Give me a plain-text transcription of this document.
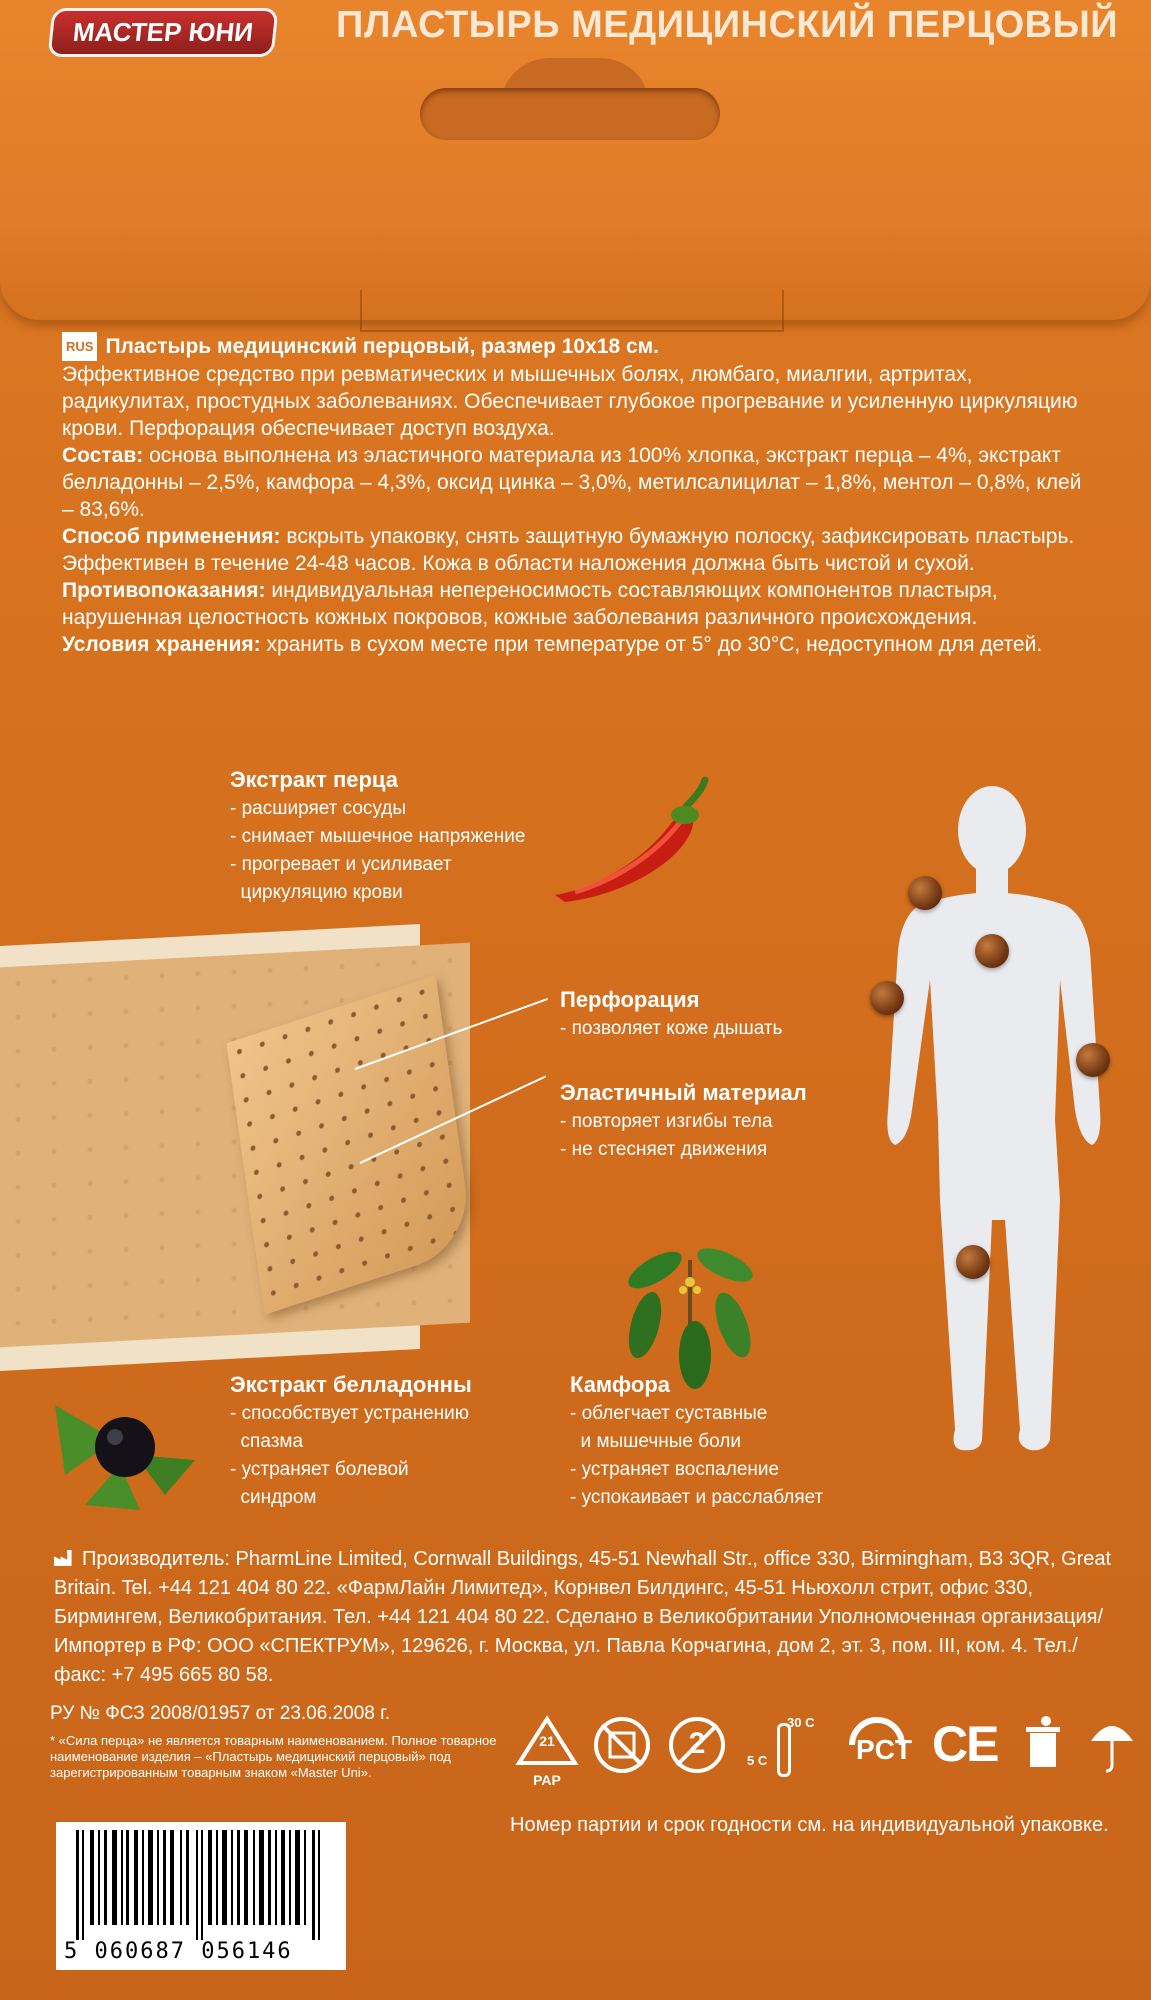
МАСТЕР ЮНИ	ПЛАСТЫРЬ МЕДИЦИНСКИЙ ПЕРЦОВЫЙ

RUS Пластырь медицинский перцовый, размер 10х18 см.

Эффективное средство при ревматических и мышечных болях, люмбаго, миалгии, артритах, радикулитах, простудных заболеваниях. Обеспечивает глубокое прогревание и усиленную циркуляцию крови. Перфорация обеспечивает доступ воздуха.

Состав: основа выполнена из эластичного материала из 100% хлопка, экстракт перца – 4%, экстракт белладонны – 2,5%, камфора – 4,3%, оксид цинка – 3,0%, метилсалицилат – 1,8%, ментол – 0,8%, клей – 83,6%.

Способ применения: вскрыть упаковку, снять защитную бумажную полоску, зафиксировать пластырь. Эффективен в течение 24-48 часов. Кожа в области наложения должна быть чистой и сухой.

Противопоказания: индивидуальная непереносимость составляющих компонентов пластыря, нарушенная целостность кожных покровов, кожные заболевания различного происхождения.

Условия хранения: хранить в сухом месте при температуре от 5° до 30°С, недоступном для детей.

Экстракт перца
- расширяет сосуды
- снимает мышечное напряжение
- прогревает и усиливает
циркуляцию крови
Перфорация
- позволяет коже дышать
Эластичный материал
- повторяет изгибы тела
- не стесняет движения
Экстракт белладонны
- способствует устранению
спазма
- устраняет болевой
синдром
Камфора
- облегчает суставные
и мышечные боли
- устраняет воспаление
- успокаивает и расслабляет
Производитель: PharmLine Limited, Cornwall Buildings, 45-51 Newhall Str., office 330, Birmingham, B3 3QR, Great Britain. Tel. +44 121 404 80 22. «ФармЛайн Лимитед», Корнвел Билдингс, 45-51 Ньюхолл стрит, офис 330, Бирмингем, Великобритания. Тел. +44 121 404 80 22. Сделано в Великобритании Уполномоченная организация/Импортер в РФ: ООО «СПЕКТРУМ», 129626, г. Москва, ул. Павла Корчагина, дом 2, эт. 3, пом. III, ком. 4. Тел./факс: +7 495 665 80 58.
РУ № ФСЗ 2008/01957 от 23.06.2008 г.
* «Сила перца» не является товарным наименованием. Полное товарное наименование изделия – «Пластырь медицинский перцовый» под зарегистрированным товарным знаком «Master Uni».
5 060687 056146
21
PAP
2
30 C
5 C	PCT CE
Номер партии и срок годности см. на индивидуальной упаковке.
